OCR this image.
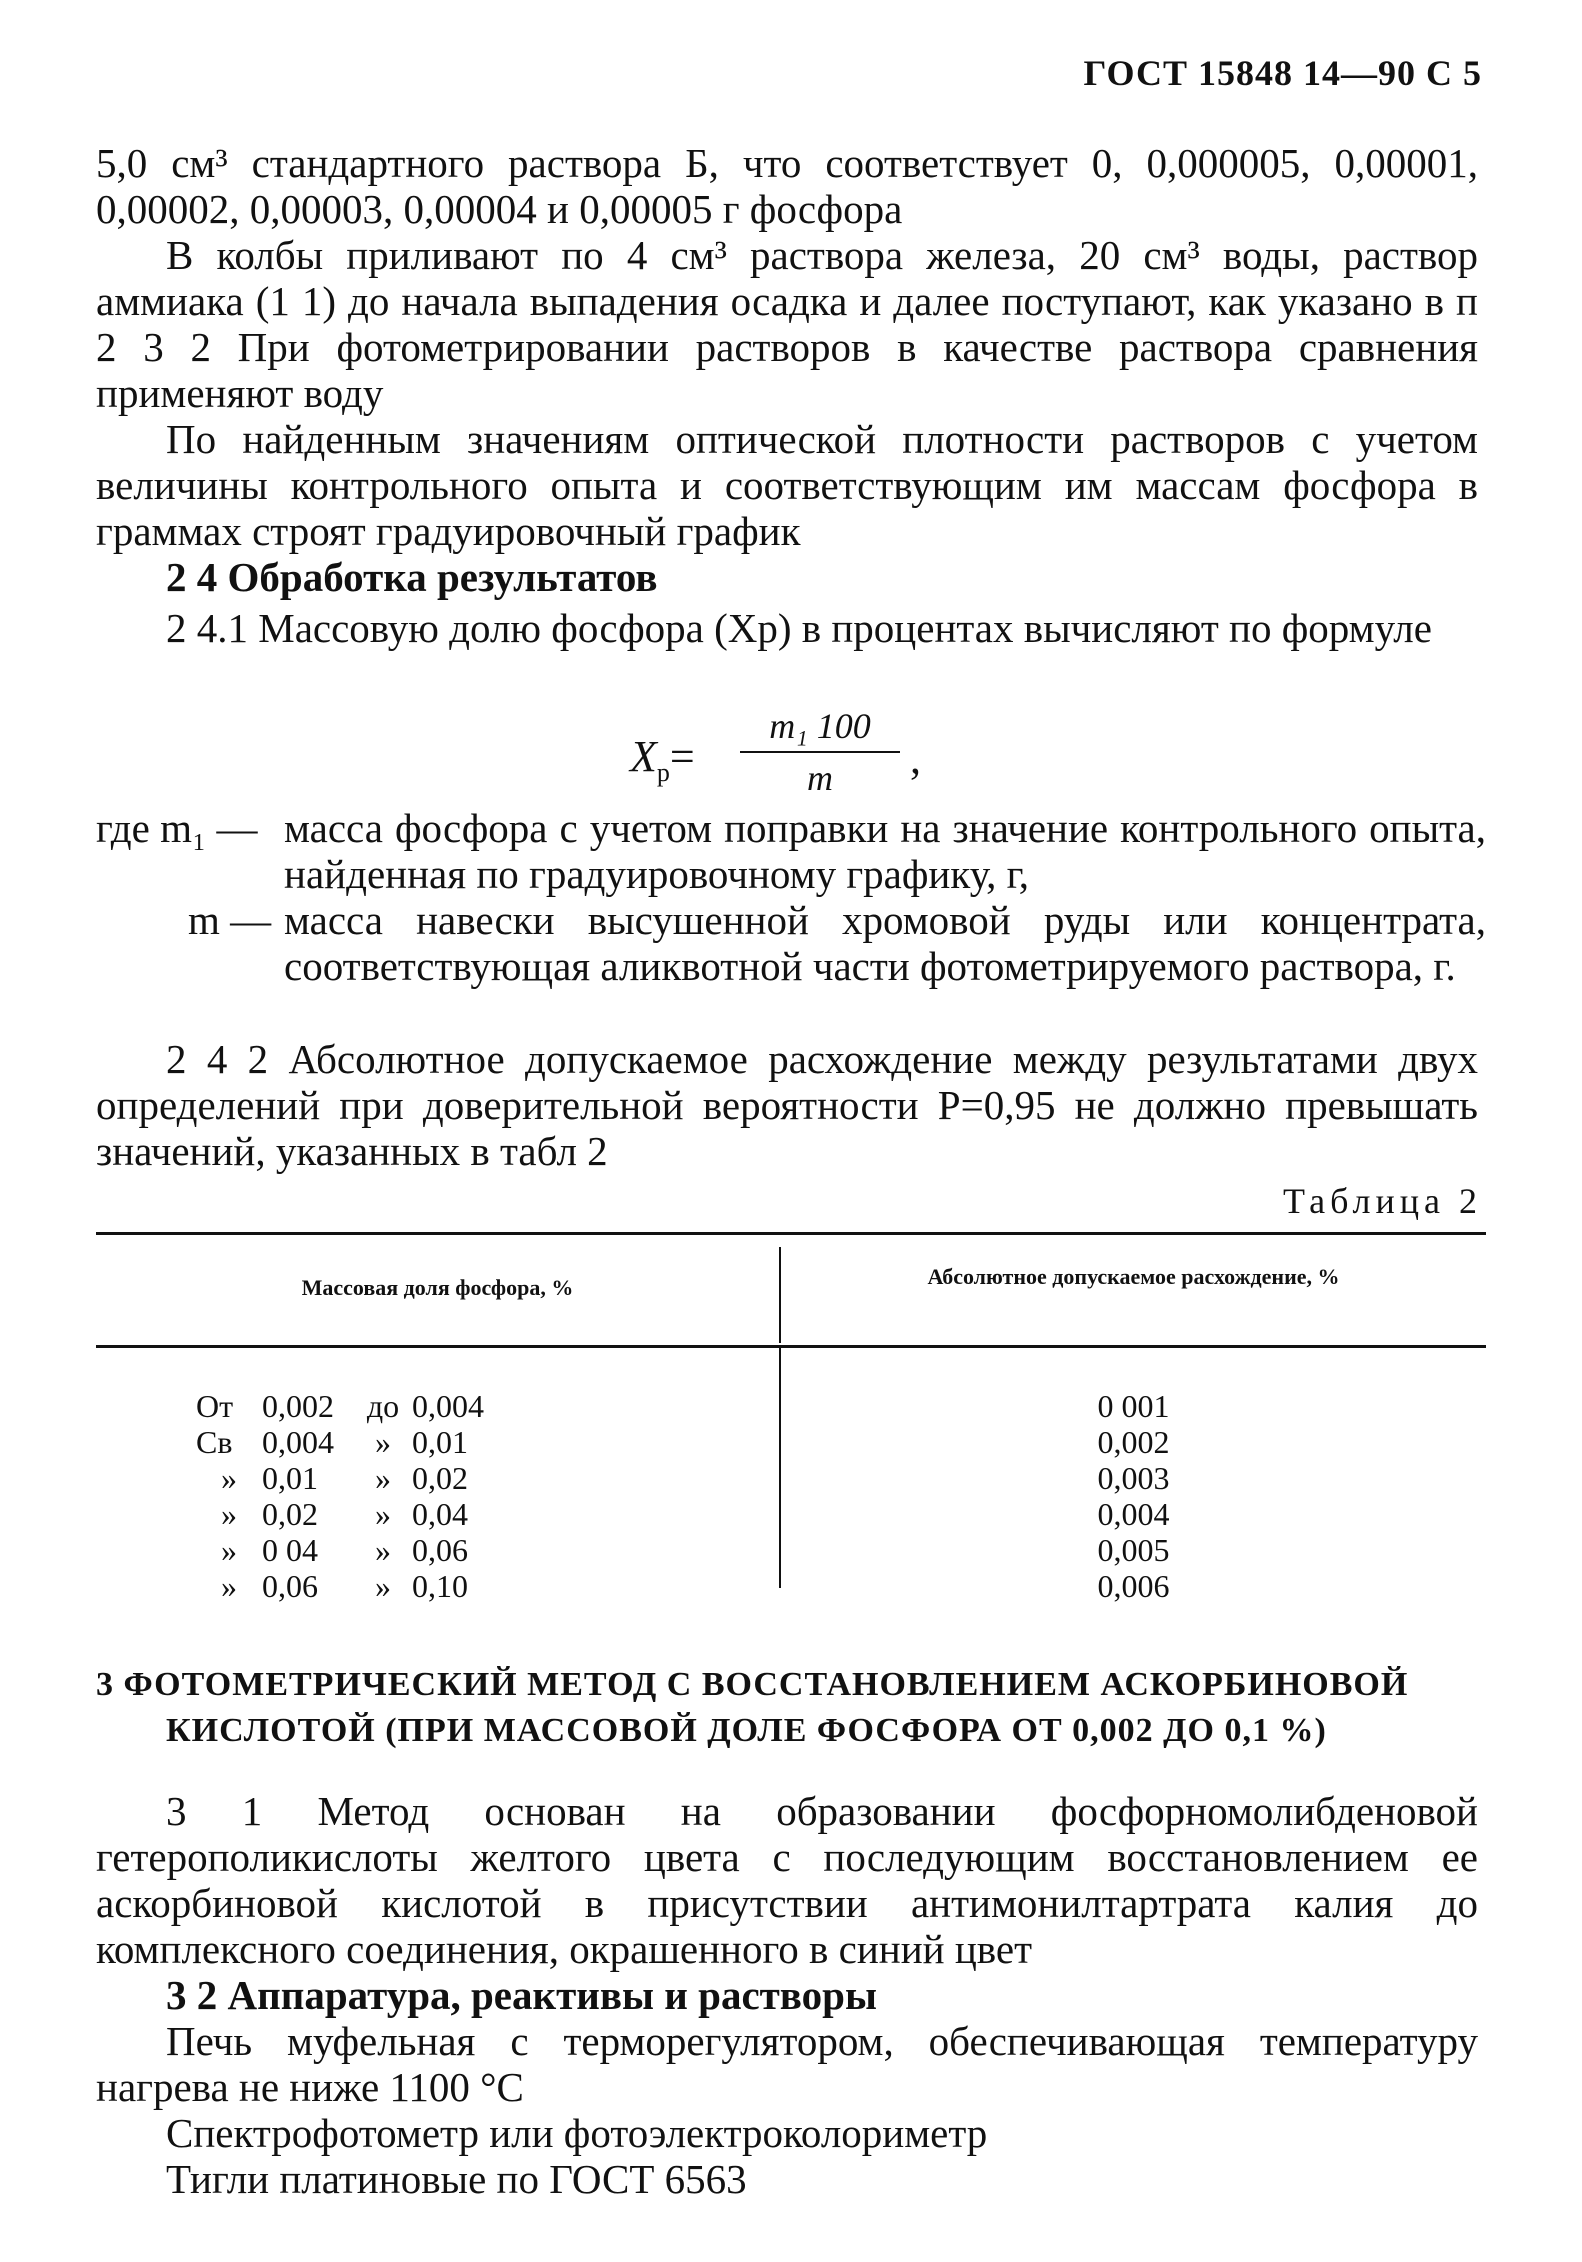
ГОСТ 15848 14—90 С 5
5,0 см³ стандартного раствора Б, что соответствует 0, 0,000005, 0,00001, 0,00002, 0,00003, 0,00004 и 0,00005 г фосфора
В колбы приливают по 4 см³ раствора железа, 20 см³ воды, раствор аммиака (1 1) до начала выпадения осадка и далее поступают, как указано в п 2 3 2 При фотометрировании растворов в качестве раствора сравнения применяют воду
По найденным значениям оптической плотности растворов с учетом величины контрольного опыта и соответствующим им массам фосфора в граммах строят градуировочный график
2 4 Обработка результатов
2 4.1 Массовую долю фосфора (Xр) в процентах вычисляют по формуле
$X_р=$
m₁ 100
m	,
где m₁ — масса фосфора с учетом поправки на значение контрольного опыта, найденная по градуировочному графику, г,
m — масса навески высушенной хромовой руды или концентрата, соответствующая аликвотной части фотометрируемого раствора, г.
2 4 2 Абсолютное допускаемое расхождение между результатами двух определений при доверительной вероятности P=0,95 не должно превышать значений, указанных в табл 2
Таблица 2
Массовая доля фосфора, %	Абсолютное допускаемое расхождение, %
От 0,002 до 0,004	0 001
Св 0,004 » 0,01	0,002
» 0,01 » 0,02	0,003
» 0,02 » 0,04	0,004
» 0 04 » 0,06	0,005
» 0,06 » 0,10	0,006
3 ФОТОМЕТРИЧЕСКИЙ МЕТОД С ВОССТАНОВЛЕНИЕМ АСКОРБИНОВОЙ
КИСЛОТОЙ (ПРИ МАССОВОЙ ДОЛЕ ФОСФОРА ОТ 0,002 ДО 0,1 %)
3 1 Метод основан на образовании фосфорномолибденовой гетерополикислоты желтого цвета с последующим восстановлением ее аскорбиновой кислотой в присутствии антимонилтартрата калия до комплексного соединения, окрашенного в синий цвет
3 2 Аппаратура, реактивы и растворы
Печь муфельная с терморегулятором, обеспечивающая температуру нагрева не ниже 1100 °С
Спектрофотометр или фотоэлектроколориметр
Тигли платиновые по ГОСТ 6563
